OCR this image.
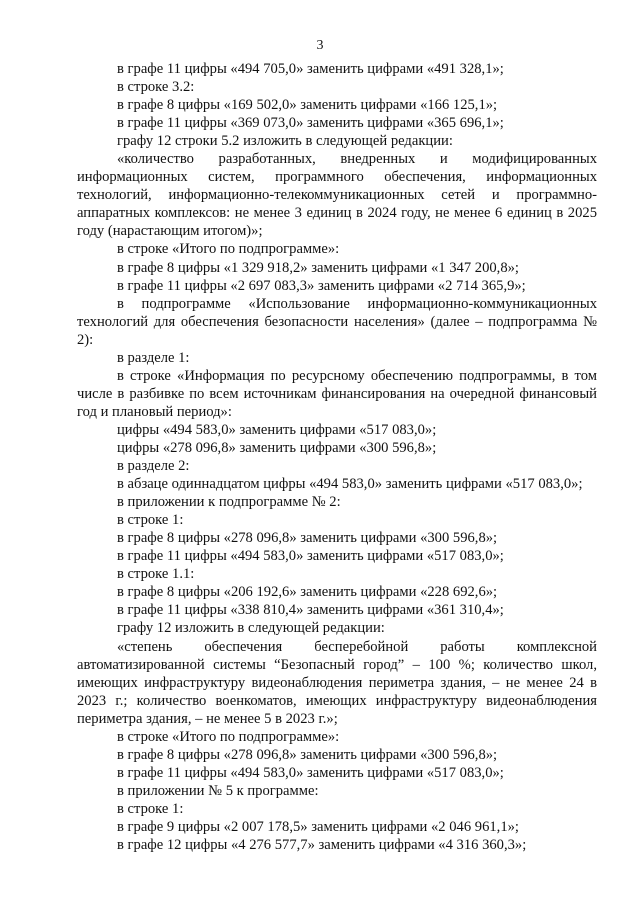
3

в графе 11 цифры «494 705,0» заменить цифрами «491 328,1»;

в строке 3.2:

в графе 8 цифры «169 502,0» заменить цифрами «166 125,1»;

в графе 11 цифры «369 073,0» заменить цифрами «365 696,1»;

графу 12 строки 5.2 изложить в следующей редакции:

«количество разработанных, внедренных и модифицированных информационных систем, программного обеспечения, информационных технологий, информационно-телекоммуникационных сетей и программно-аппаратных комплексов: не менее 3 единиц в 2024 году, не менее 6 единиц в 2025 году (нарастающим итогом)»;

в строке «Итого по подпрограмме»:

в графе 8 цифры «1 329 918,2» заменить цифрами «1 347 200,8»;

в графе 11 цифры «2 697 083,3» заменить цифрами «2 714 365,9»;

в подпрограмме «Использование информационно-коммуникационных технологий для обеспечения безопасности населения» (далее – подпрограмма № 2):

в разделе 1:

в строке «Информация по ресурсному обеспечению подпрограммы, в том числе в разбивке по всем источникам финансирования на очередной финансовый год и плановый период»:

цифры «494 583,0» заменить цифрами «517 083,0»;

цифры «278 096,8» заменить цифрами «300 596,8»;

в разделе 2:

в абзаце одиннадцатом цифры «494 583,0» заменить цифрами «517 083,0»;

в приложении к подпрограмме № 2:

в строке 1:

в графе 8 цифры «278 096,8» заменить цифрами «300 596,8»;

в графе 11 цифры «494 583,0» заменить цифрами «517 083,0»;

в строке 1.1:

в графе 8 цифры «206 192,6» заменить цифрами «228 692,6»;

в графе 11 цифры «338 810,4» заменить цифрами «361 310,4»;

графу 12 изложить в следующей редакции:

«степень обеспечения бесперебойной работы комплексной автоматизированной системы “Безопасный город” – 100 %; количество школ, имеющих инфраструктуру видеонаблюдения периметра здания, – не менее 24 в 2023 г.; количество военкоматов, имеющих инфраструктуру видеонаблюдения периметра здания, – не менее 5 в 2023 г.»;

в строке «Итого по подпрограмме»:

в графе 8 цифры «278 096,8» заменить цифрами «300 596,8»;

в графе 11 цифры «494 583,0» заменить цифрами «517 083,0»;

в приложении № 5 к программе:

в строке 1:

в графе 9 цифры «2 007 178,5» заменить цифрами «2 046 961,1»;

в графе 12 цифры «4 276 577,7» заменить цифрами «4 316 360,3»;
